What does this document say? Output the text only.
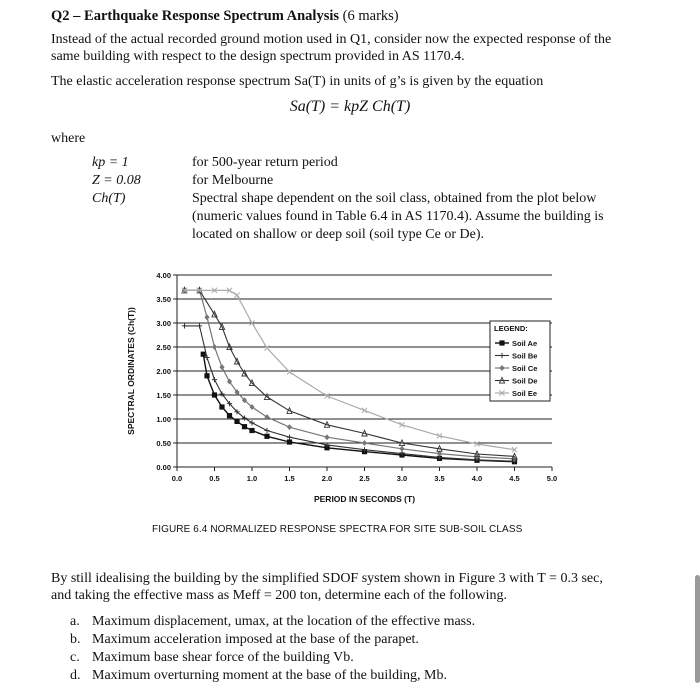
Q2 – Earthquake Response Spectrum Analysis (6 marks)
Instead of the actual recorded ground motion used in Q1, consider now the expected response of the
same building with respect to the design spectrum provided in AS 1170.4.
The elastic acceleration response spectrum Sa(T) in units of g’s is given by the equation
Sa(T) = kpZ Ch(T)
where
kp = 1	for 500-year return period

Z = 0.08	for Melbourne

Ch(T)	Spectral shape dependent on the soil class, obtained from the plot below
(numeric values found in Table 6.4 in AS 1170.4). Assume the building is
located on shallow or deep soil (soil type Ce or De).
0.00
0.50
1.00
1.50
2.00
2.50
3.00
3.50
4.00
0.0	0.5	1.0	1.5	2.0	2.5	3.0	3.5	4.0	4.5	5.0
SPECTRAL ORDINATES (Ch(T))
PERIOD IN SECONDS (T)
LEGEND:
Soil Ae
Soil Be
Soil Ce
Soil De
Soil Ee
FIGURE 6.4 NORMALIZED RESPONSE SPECTRA FOR SITE SUB-SOIL CLASS
By still idealising the building by the simplified SDOF system shown in Figure 3 with T = 0.3 sec,
and taking the effective mass as Meff = 200 ton, determine each of the following.
a. Maximum displacement, umax, at the location of the effective mass.
b. Maximum acceleration imposed at the base of the parapet.
c. Maximum base shear force of the building Vb.
d. Maximum overturning moment at the base of the building, Mb.
